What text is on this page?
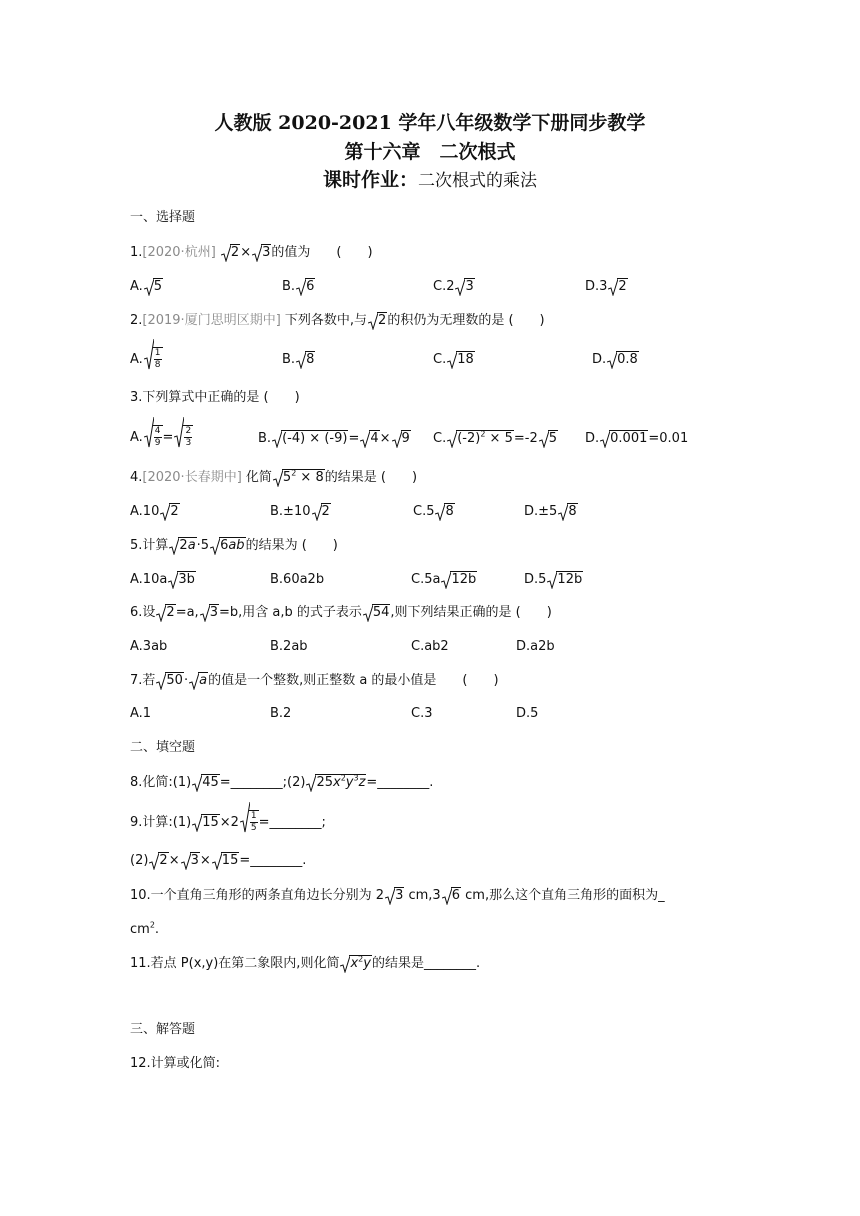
人教版 2020-2021 学年八年级数学下册同步教学
第十六章　二次根式
课时作业：二次根式的乘法
一、选择题
1.[2020·杭州] 2× 3的值为　　(　　)
A. 5	B. 6	C.2 3	D.3 2
2.[2019·厦门思明区期中] 下列各数中,与 2的积仍为无理数的是 (　　)
A. $\frac{1}{8}$	B. 8	C. 18	D. 0.8
3.下列算式中正确的是 (　　)
A. $\frac{4}{9} = \frac{2}{3}$	B. (-4) × (-9)= 4× 9 C. $(-2)^2 \times 5=-2$ 5 D. 0.001=0.01
4.[2020·长春期中] 化简 $5^2 \times 8$的结果是 (　　)
A.10 2	B.±10 2	C.5 8	D.±5 8
5.计算 2a·5 6ab的结果为 (　　)
A.10a 3b	B.60a2b	C.5a 12b	D.5 12b
6.设 2=a, 3=b,用含 a,b 的式子表示 54,则下列结果正确的是 (　　)
A.3ab	B.2ab	C.ab2	D.a2b
7.若 50· a的值是一个整数,则正整数 a 的最小值是　　(　　)
A.1	B.2	C.3	D.5
二、填空题
8.化简:(1) 45=________;(2) $25x^2y^3z=\_\_\_\_\_\_\_\_$.
9.计算:(1) $15\times 2 \frac{1}{5}$ =________;
(2) 2× 3× 15=________.
10.一个直角三角形的两条直角边长分别为 2 3 cm,3 6 cm,那么这个直角三角形的面积为_
$cm^2$.
11.若点 P(x,y)在第二象限内,则化简 $x^2y$的结果是________.
三、解答题
12.计算或化简:
